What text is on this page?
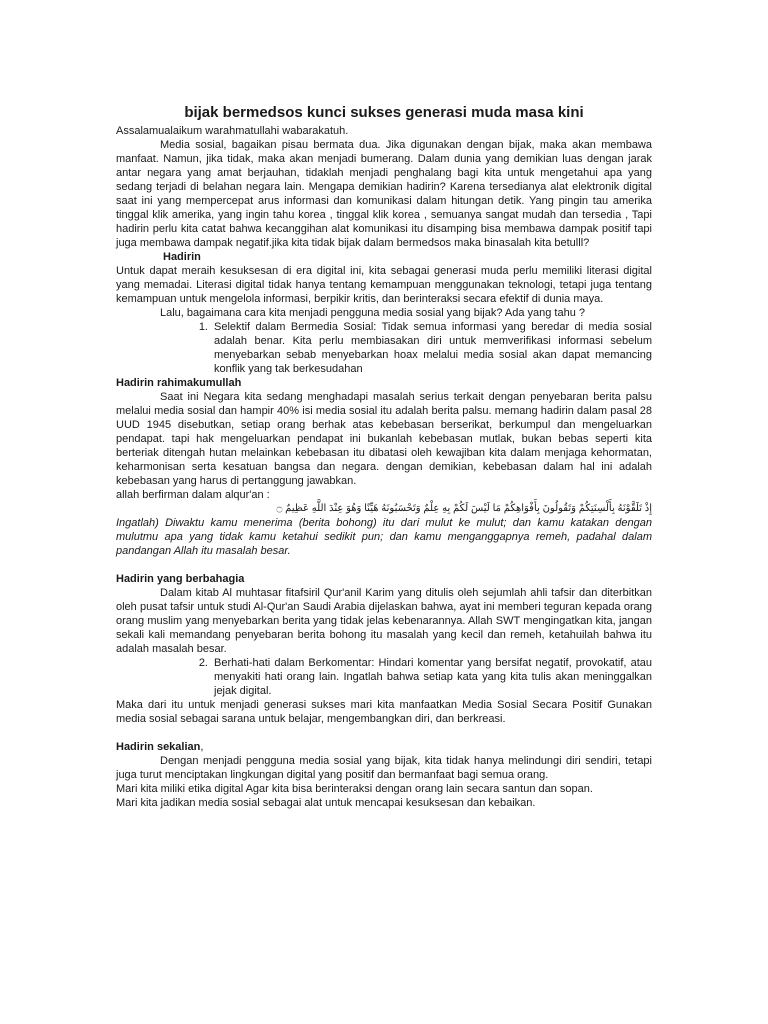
bijak bermedsos kunci sukses generasi muda masa kini

Assalamualaikum warahmatullahi wabarakatuh.

Media sosial, bagaikan pisau bermata dua. Jika digunakan dengan bijak, maka akan membawa manfaat. Namun, jika tidak, maka akan menjadi bumerang. Dalam dunia yang demikian luas dengan jarak antar negara yang amat berjauhan, tidaklah menjadi penghalang bagi kita untuk mengetahui apa yang sedang terjadi di belahan negara lain. Mengapa demikian hadirin? Karena tersedianya alat elektronik digital saat ini yang mempercepat arus informasi dan komunikasi dalam hitungan detik. Yang pingin tau amerika tinggal klik amerika, yang ingin tahu korea , tinggal klik korea , semuanya sangat mudah dan tersedia , Tapi hadirin perlu kita catat bahwa kecanggihan alat komunikasi itu disamping bisa membawa dampak positif tapi juga membawa dampak negatif.jika kita tidak bijak dalam bermedsos maka binasalah kita betulll?

Hadirin

Untuk dapat meraih kesuksesan di era digital ini, kita sebagai generasi muda perlu memiliki literasi digital yang memadai. Literasi digital tidak hanya tentang kemampuan menggunakan teknologi, tetapi juga tentang kemampuan untuk mengelola informasi, berpikir kritis, dan berinteraksi secara efektif di dunia maya.

Lalu, bagaimana cara kita menjadi pengguna media sosial yang bijak? Ada yang tahu ?

1. Selektif dalam Bermedia Sosial: Tidak semua informasi yang beredar di media sosial adalah benar. Kita perlu membiasakan diri untuk memverifikasi informasi sebelum menyebarkan sebab menyebarkan hoax melalui media sosial akan dapat memancing konflik yang tak berkesudahan

Hadirin rahimakumullah

Saat ini Negara kita sedang menghadapi masalah serius terkait dengan penyebaran berita palsu melalui media sosial dan hampir 40% isi media sosial itu adalah berita palsu. memang hadirin dalam pasal 28 UUD 1945 disebutkan, setiap orang berhak atas kebebasan berserikat, berkumpul dan mengeluarkan pendapat. tapi hak mengeluarkan pendapat ini bukanlah kebebasan mutlak, bukan bebas seperti kita berteriak ditengah hutan melainkan kebebasan itu dibatasi oleh kewajiban kita dalam menjaga kehormatan, keharmonisan serta kesatuan bangsa dan negara. dengan demikian, kebebasan dalam hal ini adalah kebebasan yang harus di pertanggung jawabkan.

allah berfirman dalam alqur'an :

إِذْ تَلَقَّوْنَهُ بِأَلْسِنَتِكُمْ وَتَقُولُونَ بِأَفْوَاهِكُمْ مَا لَيْسَ لَكُمْ بِهِ عِلْمٌ وَتَحْسَبُونَهُ هَيِّنًا وَهُوَ عِنْدَ اللَّهِ عَظِيمٌ ۝

Ingatlah) Diwaktu kamu menerima (berita bohong) itu dari mulut ke mulut; dan kamu katakan dengan mulutmu apa yang tidak kamu ketahui sedikit pun; dan kamu menganggapnya remeh, padahal dalam pandangan Allah itu masalah besar.

Hadirin yang berbahagia

Dalam kitab Al muhtasar fitafsiril Qur'anil Karim yang ditulis oleh sejumlah ahli tafsir dan diterbitkan oleh pusat tafsir untuk studi Al-Qur'an Saudi Arabia dijelaskan bahwa, ayat ini memberi teguran kepada orang orang muslim yang menyebarkan berita yang tidak jelas kebenarannya. Allah SWT mengingatkan kita, jangan sekali kali memandang penyebaran berita bohong itu masalah yang kecil dan remeh, ketahuilah bahwa itu adalah masalah besar.

2. Berhati-hati dalam Berkomentar: Hindari komentar yang bersifat negatif, provokatif, atau menyakiti hati orang lain. Ingatlah bahwa setiap kata yang kita tulis akan meninggalkan jejak digital.

Maka dari itu untuk menjadi generasi sukses mari kita manfaatkan Media Sosial Secara Positif Gunakan media sosial sebagai sarana untuk belajar, mengembangkan diri, dan berkreasi.

Hadirin sekalian,

Dengan menjadi pengguna media sosial yang bijak, kita tidak hanya melindungi diri sendiri, tetapi juga turut menciptakan lingkungan digital yang positif dan bermanfaat bagi semua orang.

Mari kita miliki etika digital Agar kita bisa berinteraksi dengan orang lain secara santun dan sopan.

Mari kita jadikan media sosial sebagai alat untuk mencapai kesuksesan dan kebaikan.
